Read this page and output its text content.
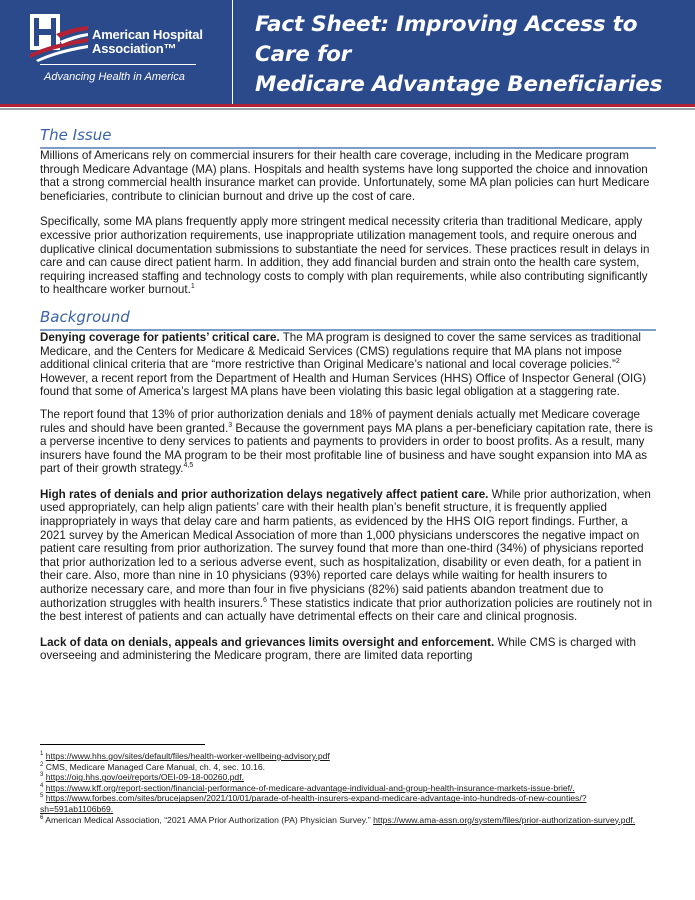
American Hospital
Association™
Advancing Health in America
Fact Sheet: Improving Access to Care for
Medicare Advantage Beneficiaries
The Issue

Millions of Americans rely on commercial insurers for their health care coverage, including in the Medicare program through Medicare Advantage (MA) plans. Hospitals and health systems have long supported the choice and innovation that a strong commercial health insurance market can provide. Unfortunately, some MA plan policies can hurt Medicare beneficiaries, contribute to clinician burnout and drive up the cost of care.

Specifically, some MA plans frequently apply more stringent medical necessity criteria than traditional Medicare, apply excessive prior authorization requirements, use inappropriate utilization management tools, and require onerous and duplicative clinical documentation submissions to substantiate the need for services. These practices result in delays in care and can cause direct patient harm. In addition, they add financial burden and strain onto the health care system, requiring increased staffing and technology costs to comply with plan requirements, while also contributing significantly to healthcare worker burnout.$^1$

Background

Denying coverage for patients’ critical care. The MA program is designed to cover the same services as traditional Medicare, and the Centers for Medicare & Medicaid Services (CMS) regulations require that MA plans not impose additional clinical criteria that are “more restrictive than Original Medicare’s national and local coverage policies.”$^2$ However, a recent report from the Department of Health and Human Services (HHS) Office of Inspector General (OIG) found that some of America’s largest MA plans have been violating this basic legal obligation at a staggering rate.

The report found that 13% of prior authorization denials and 18% of payment denials actually met Medicare coverage rules and should have been granted.$^3$ Because the government pays MA plans a per-beneficiary capitation rate, there is a perverse incentive to deny services to patients and payments to providers in order to boost profits. As a result, many insurers have found the MA program to be their most profitable line of business and have sought expansion into MA as part of their growth strategy.$^{4,5}$

High rates of denials and prior authorization delays negatively affect patient care. While prior authorization, when used appropriately, can help align patients’ care with their health plan’s benefit structure, it is frequently applied inappropriately in ways that delay care and harm patients, as evidenced by the HHS OIG report findings. Further, a 2021 survey by the American Medical Association of more than 1,000 physicians underscores the negative impact on patient care resulting from prior authorization. The survey found that more than one-third (34%) of physicians reported that prior authorization led to a serious adverse event, such as hospitalization, disability or even death, for a patient in their care. Also, more than nine in 10 physicians (93%) reported care delays while waiting for health insurers to authorize necessary care, and more than four in five physicians (82%) said patients abandon treatment due to authorization struggles with health insurers.$^6$ These statistics indicate that prior authorization policies are routinely not in the best interest of patients and can actually have detrimental effects on their care and clinical prognosis.

Lack of data on denials, appeals and grievances limits oversight and enforcement. While CMS is charged with overseeing and administering the Medicare program, there are limited data reporting

$^1$ https://www.hhs.gov/sites/default/files/health-worker-wellbeing-advisory.pdf

$^2$ CMS, Medicare Managed Care Manual, ch. 4, sec. 10.16.

$^3$ https://oig.hhs.gov/oei/reports/OEI-09-18-00260.pdf.

$^4$ https://www.kff.org/report-section/financial-performance-of-medicare-advantage-individual-and-group-health-insurance-markets-issue-brief/.

$^5$ https://www.forbes.com/sites/brucejapsen/2021/10/01/parade-of-health-insurers-expand-medicare-advantage-into-hundreds-of-new-counties/?sh=591ab1106b69.

$^6$ American Medical Association, “2021 AMA Prior Authorization (PA) Physician Survey.” https://www.ama-assn.org/system/files/prior-authorization-survey.pdf.
